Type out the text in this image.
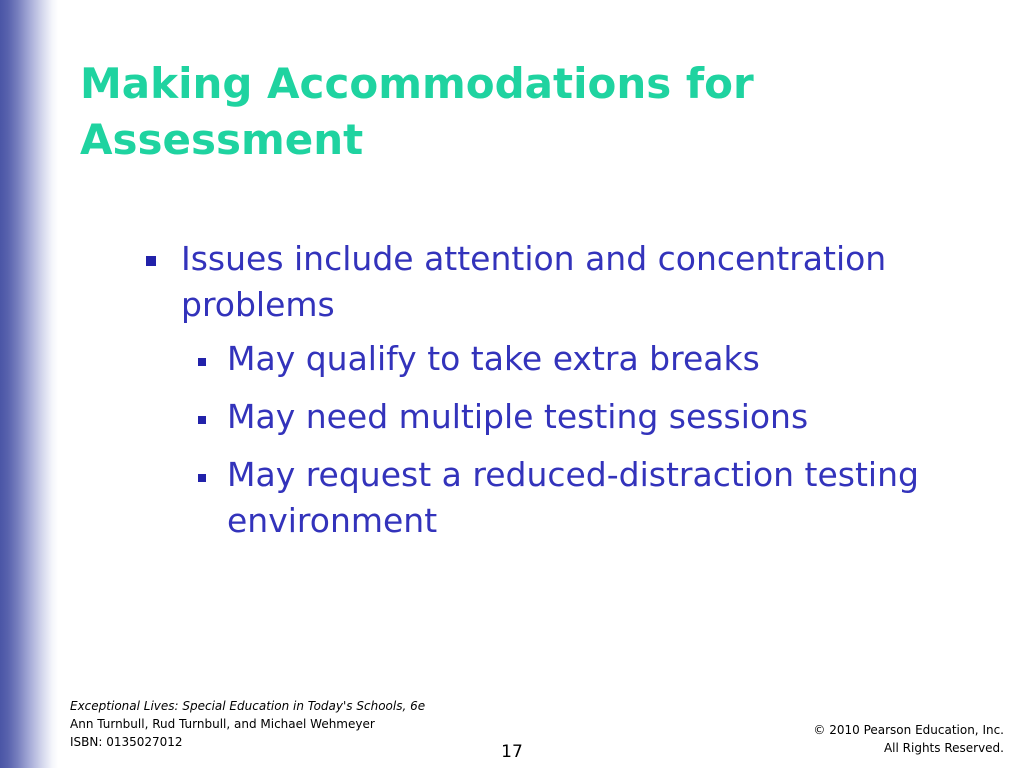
Making Accommodations for Assessment
Issues include attention and concentration problems
May qualify to take extra breaks
May need multiple testing sessions
May request a reduced-distraction testing environment
Exceptional Lives: Special Education in Today's Schools, 6e
Ann Turnbull, Rud Turnbull, and Michael Wehmeyer
ISBN: 0135027012	17
© 2010 Pearson Education, Inc.
All Rights Reserved.
